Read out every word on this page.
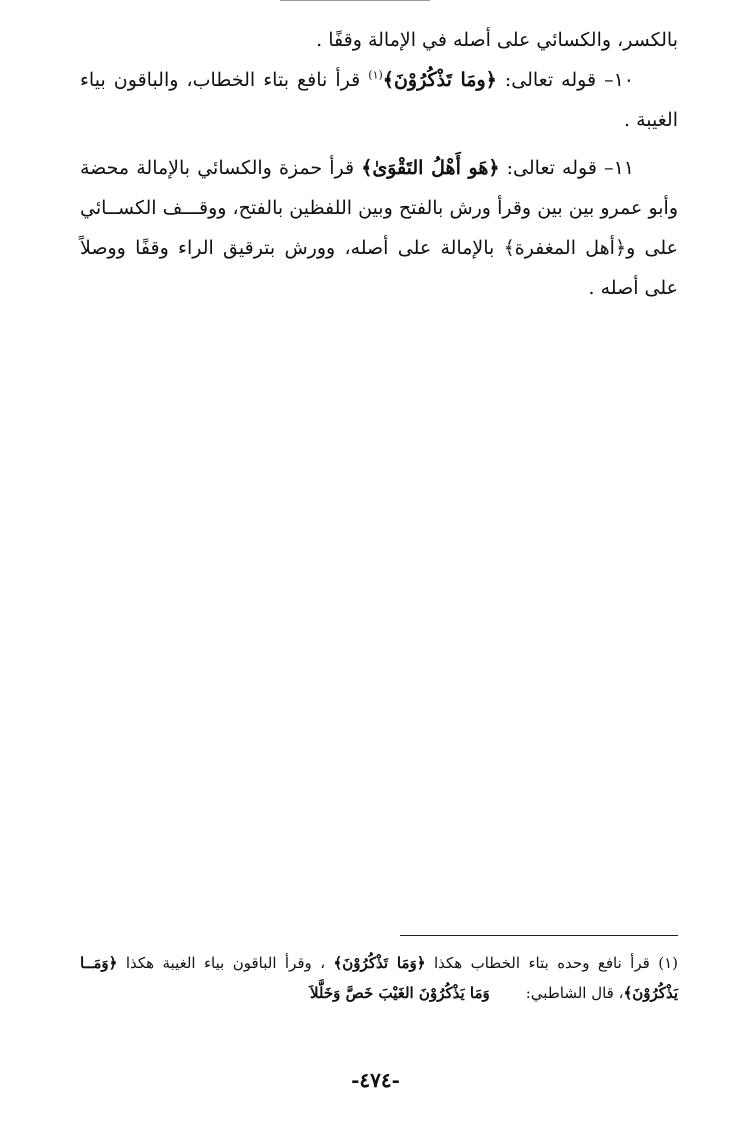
بالكسر، والكسائي على أصله في الإمالة وقفًا .

١٠– قوله تعالى: ﴿ومَا تَذْكُرُوْنَ﴾$^{(١)}$ قرأ نافع بتاء الخطاب، والباقون بياء الغيبة .

١١– قوله تعالى: ﴿هَو أَهْلُ التَقْوَىٰ﴾ قرأ حمزة والكسائي بالإمالة محضة وأبو عمرو بين بين وقرأ ورش بالفتح وبين اللفظين بالفتح، ووقـــف الكســائي على و﴿أهل المغفرة﴾ بالإمالة على أصله، وورش بترقيق الراء وقفًا ووصلاً على أصله .

(١) قرأ نافع وحده بتاء الخطاب هكذا ﴿وَمَا تَذْكُرُوْنَ﴾ ، وقرأ الباقون بياء الغيبة هكذا ﴿وَمَــا يَذْكُرُوْنَ﴾، قال الشاطبي:وَمَا يَذْكُرُوْنَ الغَيْبَ خَصَّ وَخَلَّلاَ

-٤٧٤-
